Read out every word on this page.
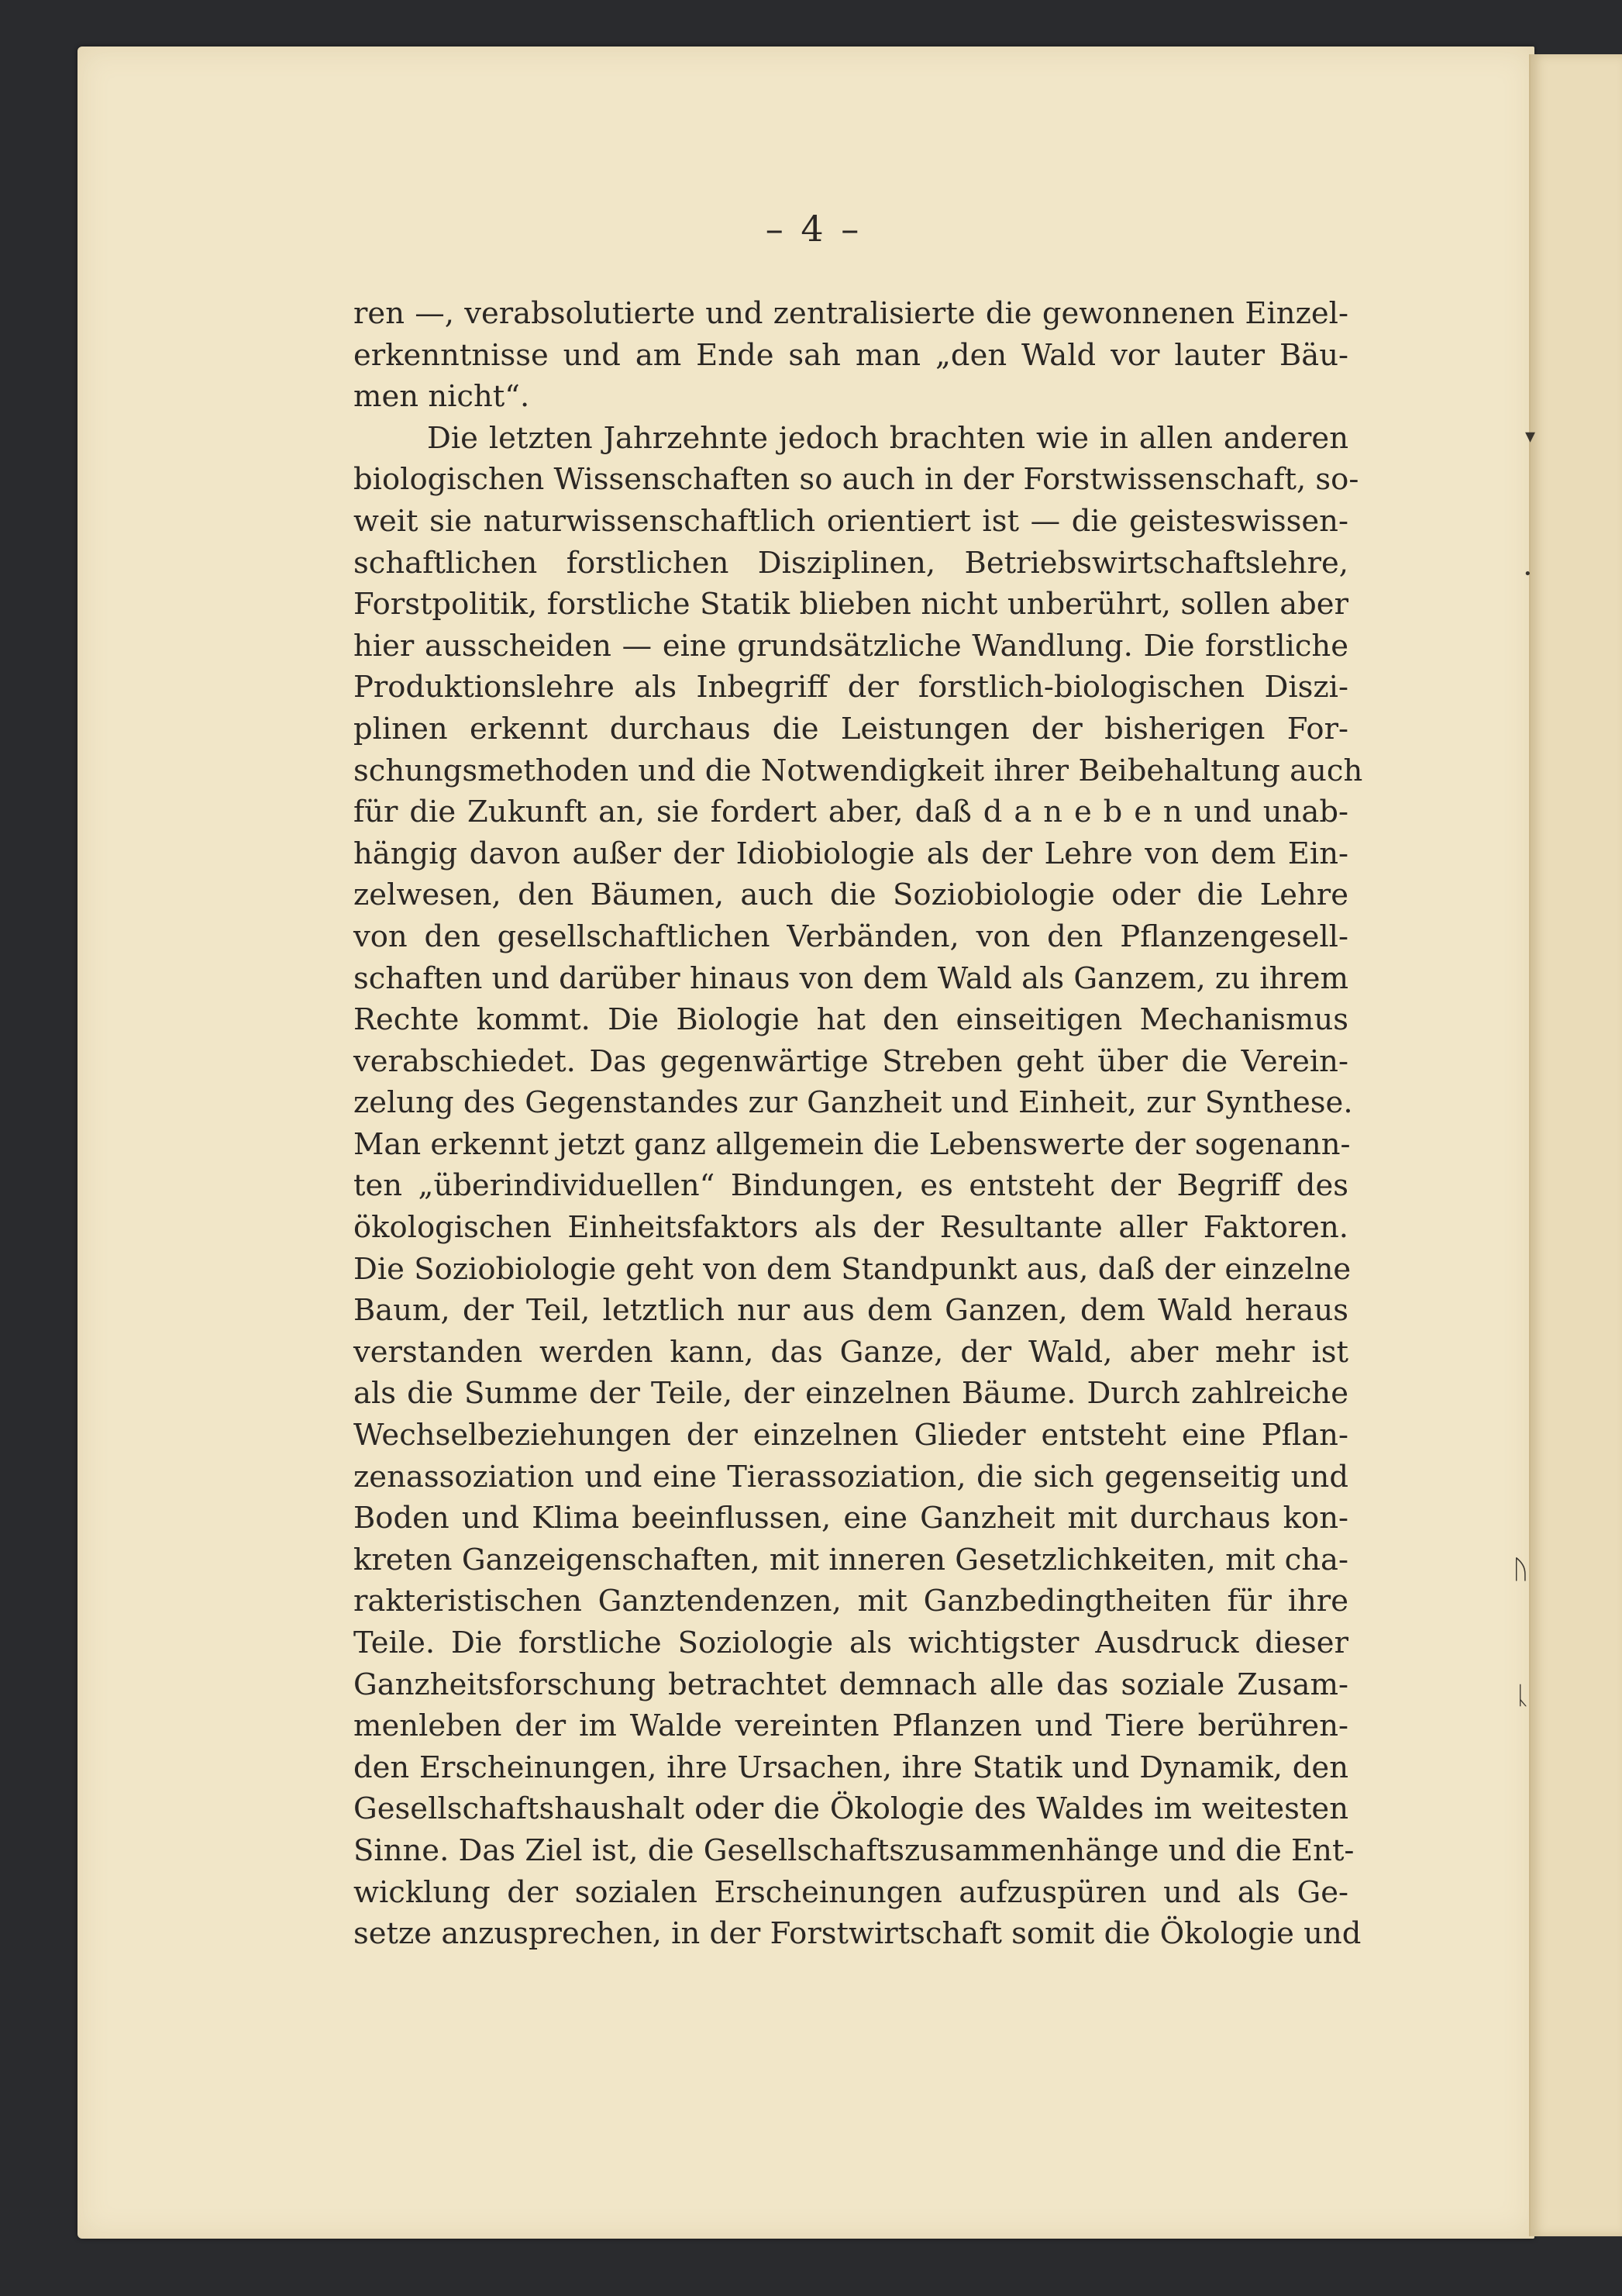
▾
•
ᚢ
ᚳ
– 4 –
ren —, verabsolutierte und zentralisierte die gewonnenen Einzel-
erkenntnisse und am Ende sah man „den Wald vor lauter Bäu-
men nicht“.
Die letzten Jahrzehnte jedoch brachten wie in allen anderen
biologischen Wissenschaften so auch in der Forstwissenschaft, so-
weit sie naturwissenschaftlich orientiert ist — die geisteswissen-
schaftlichen forstlichen Disziplinen, Betriebswirtschaftslehre,
Forstpolitik, forstliche Statik blieben nicht unberührt, sollen aber
hier ausscheiden — eine grundsätzliche Wandlung. Die forstliche
Produktionslehre als Inbegriff der forstlich-biologischen Diszi-
plinen erkennt durchaus die Leistungen der bisherigen For-
schungsmethoden und die Notwendigkeit ihrer Beibehaltung auch
für die Zukunft an, sie fordert aber, daß d a n e b e n und unab-
hängig davon außer der Idiobiologie als der Lehre von dem Ein-
zelwesen, den Bäumen, auch die Soziobiologie oder die Lehre
von den gesellschaftlichen Verbänden, von den Pflanzengesell-
schaften und darüber hinaus von dem Wald als Ganzem, zu ihrem
Rechte kommt. Die Biologie hat den einseitigen Mechanismus
verabschiedet. Das gegenwärtige Streben geht über die Verein-
zelung des Gegenstandes zur Ganzheit und Einheit, zur Synthese.
Man erkennt jetzt ganz allgemein die Lebenswerte der sogenann-
ten „überindividuellen“ Bindungen, es entsteht der Begriff des
ökologischen Einheitsfaktors als der Resultante aller Faktoren.
Die Soziobiologie geht von dem Standpunkt aus, daß der einzelne
Baum, der Teil, letztlich nur aus dem Ganzen, dem Wald heraus
verstanden werden kann, das Ganze, der Wald, aber mehr ist
als die Summe der Teile, der einzelnen Bäume. Durch zahlreiche
Wechselbeziehungen der einzelnen Glieder entsteht eine Pflan-
zenassoziation und eine Tierassoziation, die sich gegenseitig und
Boden und Klima beeinflussen, eine Ganzheit mit durchaus kon-
kreten Ganzeigenschaften, mit inneren Gesetzlichkeiten, mit cha-
rakteristischen Ganztendenzen, mit Ganzbedingtheiten für ihre
Teile. Die forstliche Soziologie als wichtigster Ausdruck dieser
Ganzheitsforschung betrachtet demnach alle das soziale Zusam-
menleben der im Walde vereinten Pflanzen und Tiere berühren-
den Erscheinungen, ihre Ursachen, ihre Statik und Dynamik, den
Gesellschaftshaushalt oder die Ökologie des Waldes im weitesten
Sinne. Das Ziel ist, die Gesellschaftszusammenhänge und die Ent-
wicklung der sozialen Erscheinungen aufzuspüren und als Ge-
setze anzusprechen, in der Forstwirtschaft somit die Ökologie und
